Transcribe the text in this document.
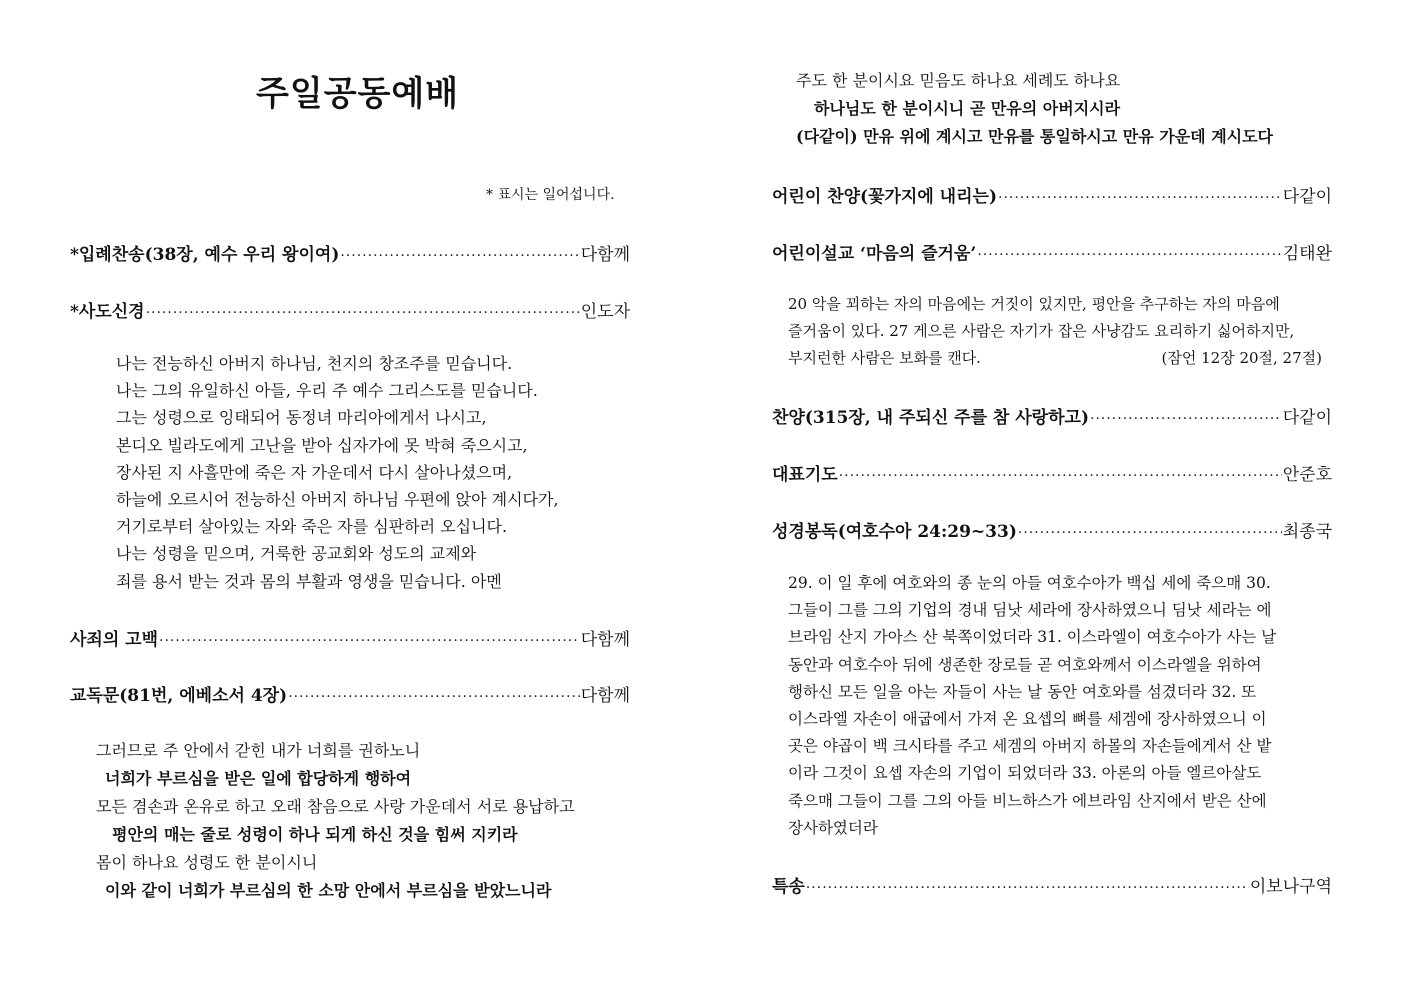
주일공동예배
* 표시는 일어섭니다.
*입례찬송(38장, 예수 우리 왕이여) ·····	다함께
*사도신경 ·····	인도자
나는 전능하신 아버지 하나님, 천지의 창조주를 믿습니다.
나는 그의 유일하신 아들, 우리 주 예수 그리스도를 믿습니다.
그는 성령으로 잉태되어 동정녀 마리아에게서 나시고,
본디오 빌라도에게 고난을 받아 십자가에 못 박혀 죽으시고,
장사된 지 사흘만에 죽은 자 가운데서 다시 살아나셨으며,
하늘에 오르시어 전능하신 아버지 하나님 우편에 앉아 계시다가,
거기로부터 살아있는 자와 죽은 자를 심판하러 오십니다.
나는 성령을 믿으며, 거룩한 공교회와 성도의 교제와
죄를 용서 받는 것과 몸의 부활과 영생을 믿습니다. 아멘
사죄의 고백 ·····	다함께
교독문(81번, 에베소서 4장) ·····	다함께
그러므로 주 안에서 갇힌 내가 너희를 권하노니
너희가 부르심을 받은 일에 합당하게 행하여
모든 겸손과 온유로 하고 오래 참음으로 사랑 가운데서 서로 용납하고
평안의 매는 줄로 성령이 하나 되게 하신 것을 힘써 지키라
몸이 하나요 성령도 한 분이시니
이와 같이 너희가 부르심의 한 소망 안에서 부르심을 받았느니라
주도 한 분이시요 믿음도 하나요 세례도 하나요
하나님도 한 분이시니 곧 만유의 아버지시라
(다같이) 만유 위에 계시고 만유를 통일하시고 만유 가운데 계시도다
어린이 찬양(꽃가지에 내리는) ·····	다같이
어린이설교 ‘마음의 즐거움’ ·····	김태완
20 악을 꾀하는 자의 마음에는 거짓이 있지만, 평안을 추구하는 자의 마음에
즐거움이 있다. 27 게으른 사람은 자기가 잡은 사냥감도 요리하기 싫어하지만,
부지런한 사람은 보화를 캔다.	(잠언 12장 20절, 27절)
찬양(315장, 내 주되신 주를 참 사랑하고) ·····	다같이
대표기도 ·····	안준호
성경봉독(여호수아 24:29~33) ·····	최종국
29. 이 일 후에 여호와의 종 눈의 아들 여호수아가 백십 세에 죽으매 30.
그들이 그를 그의 기업의 경내 딤낫 세라에 장사하였으니 딤낫 세라는 에
브라임 산지 가아스 산 북쪽이었더라 31. 이스라엘이 여호수아가 사는 날
동안과 여호수아 뒤에 생존한 장로들 곧 여호와께서 이스라엘을 위하여
행하신 모든 일을 아는 자들이 사는 날 동안 여호와를 섬겼더라 32. 또
이스라엘 자손이 애굽에서 가져 온 요셉의 뼈를 세겜에 장사하였으니 이
곳은 야곱이 백 크시타를 주고 세겜의 아버지 하몰의 자손들에게서 산 밭
이라 그것이 요셉 자손의 기업이 되었더라 33. 아론의 아들 엘르아살도
죽으매 그들이 그를 그의 아들 비느하스가 에브라임 산지에서 받은 산에
장사하였더라
특송 ·····	이보나구역
